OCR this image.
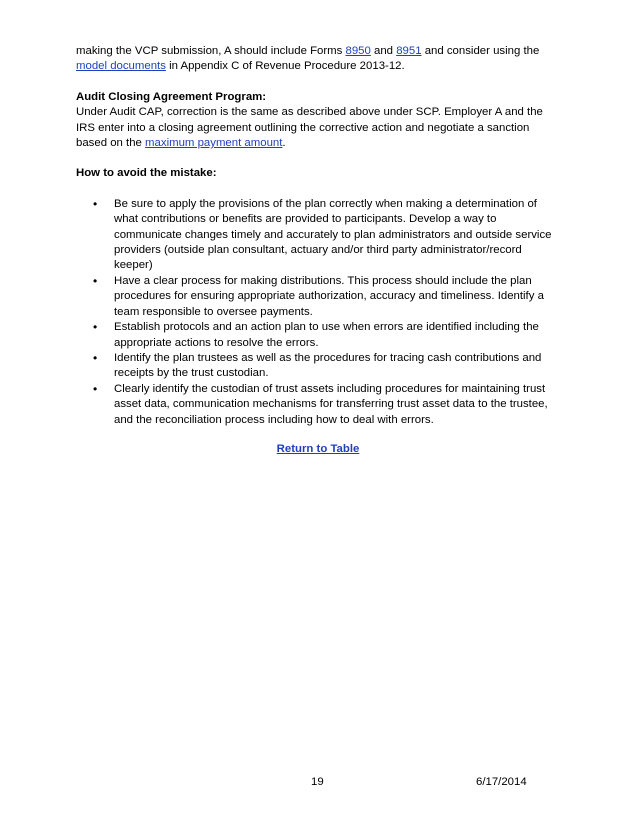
making the VCP submission, A should include Forms 8950 and 8951 and consider using the
model documents in Appendix C of Revenue Procedure 2013-12.

Audit Closing Agreement Program:

Under Audit CAP, correction is the same as described above under SCP. Employer A and the IRS enter into a closing agreement outlining the corrective action and negotiate a sanction based on the maximum payment amount.

How to avoid the mistake:

• Be sure to apply the provisions of the plan correctly when making a determination of what contributions or benefits are provided to participants. Develop a way to communicate changes timely and accurately to plan administrators and outside service providers (outside plan consultant, actuary and/or third party administrator/record keeper)
• Have a clear process for making distributions. This process should include the plan procedures for ensuring appropriate authorization, accuracy and timeliness. Identify a team responsible to oversee payments.
• Establish protocols and an action plan to use when errors are identified including the appropriate actions to resolve the errors.
• Identify the plan trustees as well as the procedures for tracing cash contributions and receipts by the trust custodian.
• Clearly identify the custodian of trust assets including procedures for maintaining trust asset data, communication mechanisms for transferring trust asset data to the trustee, and the reconciliation process including how to deal with errors.

Return to Table

19	6/17/2014
